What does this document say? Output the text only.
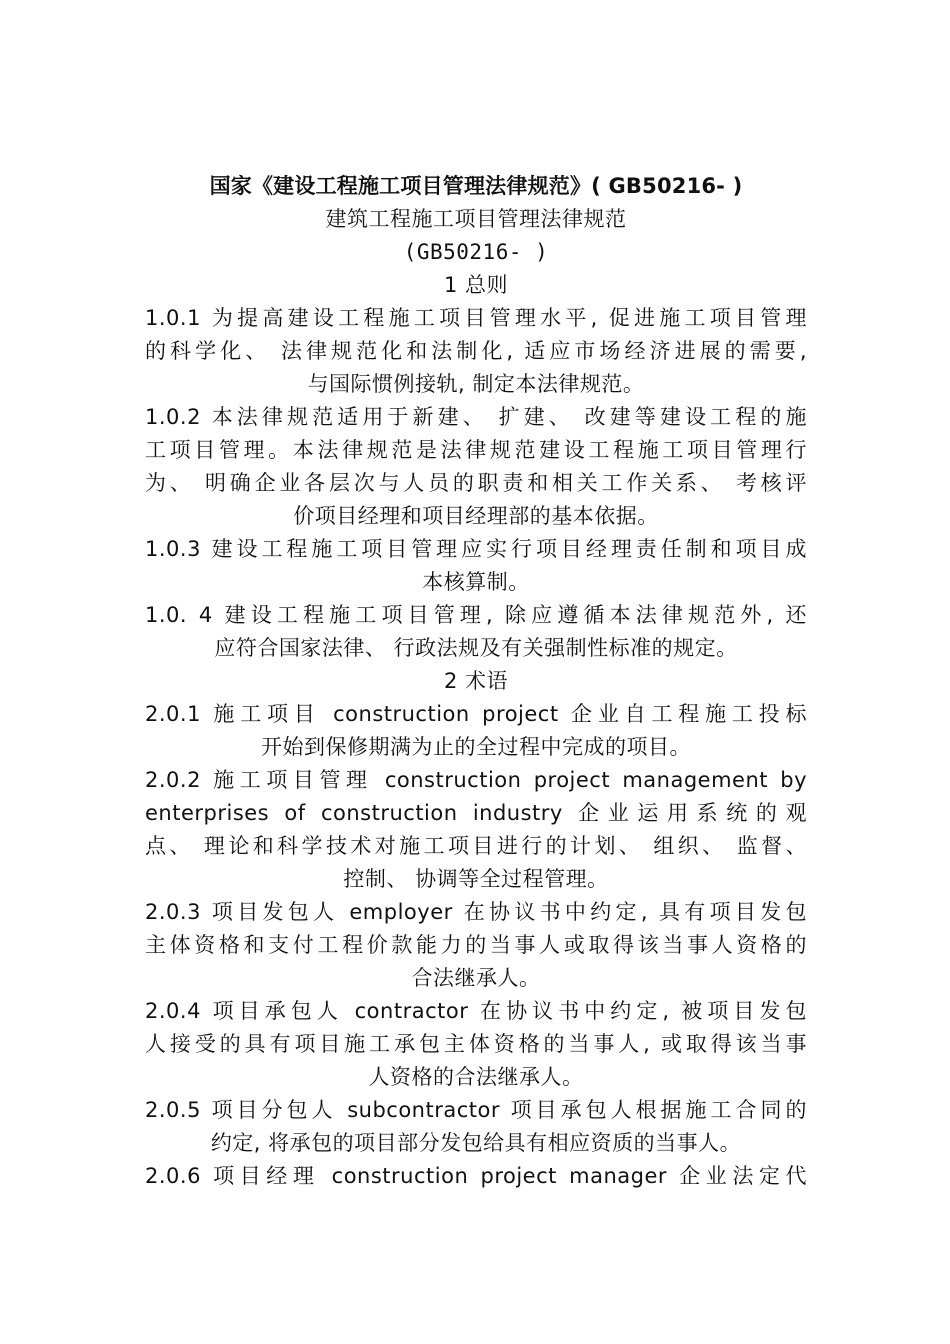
国家《建设工程施工项目管理法律规范》( GB50216- )
建筑工程施工项目管理法律规范
(GB50216- )
1 总则
1.0.1 为提高建设工程施工项目管理水平, 促进施工项目管理
的科学化、 法律规范化和法制化, 适应市场经济进展的需要,
与国际惯例接轨, 制定本法律规范。
1.0.2 本法律规范适用于新建、 扩建、 改建等建设工程的施
工项目管理。本法律规范是法律规范建设工程施工项目管理行
为、 明确企业各层次与人员的职责和相关工作关系、 考核评
价项目经理和项目经理部的基本依据。
1.0.3 建设工程施工项目管理应实行项目经理责任制和项目成
本核算制。
1.0. 4 建设工程施工项目管理, 除应遵循本法律规范外, 还
应符合国家法律、 行政法规及有关强制性标准的规定。
2 术语
2.0.1 施工项目 construction project 企业自工程施工投标
开始到保修期满为止的全过程中完成的项目。
2.0.2 施工项目管理 construction project management by
enterprises of construction industry 企业运用系统的观
点、 理论和科学技术对施工项目进行的计划、 组织、 监督、
控制、 协调等全过程管理。
2.0.3 项目发包人 employer 在协议书中约定, 具有项目发包
主体资格和支付工程价款能力的当事人或取得该当事人资格的
合法继承人。
2.0.4 项目承包人 contractor 在协议书中约定, 被项目发包
人接受的具有项目施工承包主体资格的当事人, 或取得该当事
人资格的合法继承人。
2.0.5 项目分包人 subcontractor 项目承包人根据施工合同的
约定, 将承包的项目部分发包给具有相应资质的当事人。
2.0.6 项目经理 construction project manager 企业法定代
